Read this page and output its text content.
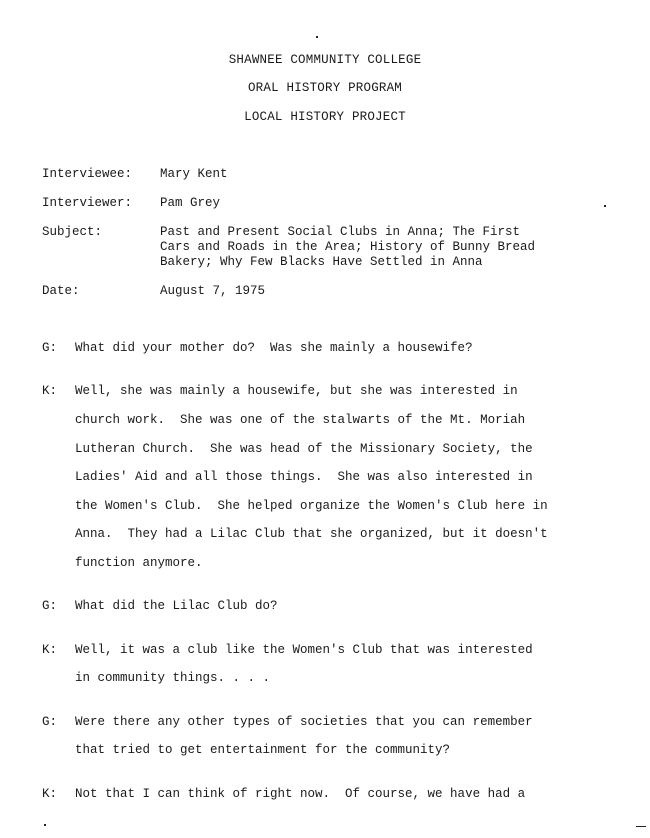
SHAWNEE COMMUNITY COLLEGE
ORAL HISTORY PROGRAM
LOCAL HISTORY PROJECT
Interviewee: Mary Kent
Interviewer: Pam Grey
Subject:	Past and Present Social Clubs in Anna; The First
Cars and Roads in the Area; History of Bunny Bread
Bakery; Why Few Blacks Have Settled in Anna
Date:	August 7, 1975
G: What did your mother do?  Was she mainly a housewife?
K: Well, she was mainly a housewife, but she was interested in
church work.  She was one of the stalwarts of the Mt. Moriah
Lutheran Church.  She was head of the Missionary Society, the
Ladies' Aid and all those things.  She was also interested in
the Women's Club.  She helped organize the Women's Club here in
Anna.  They had a Lilac Club that she organized, but it doesn't
function anymore.
G: What did the Lilac Club do?
K: Well, it was a club like the Women's Club that was interested
in community things. . . .
G: Were there any other types of societies that you can remember
that tried to get entertainment for the community?
K: Not that I can think of right now.  Of course, we have had a
